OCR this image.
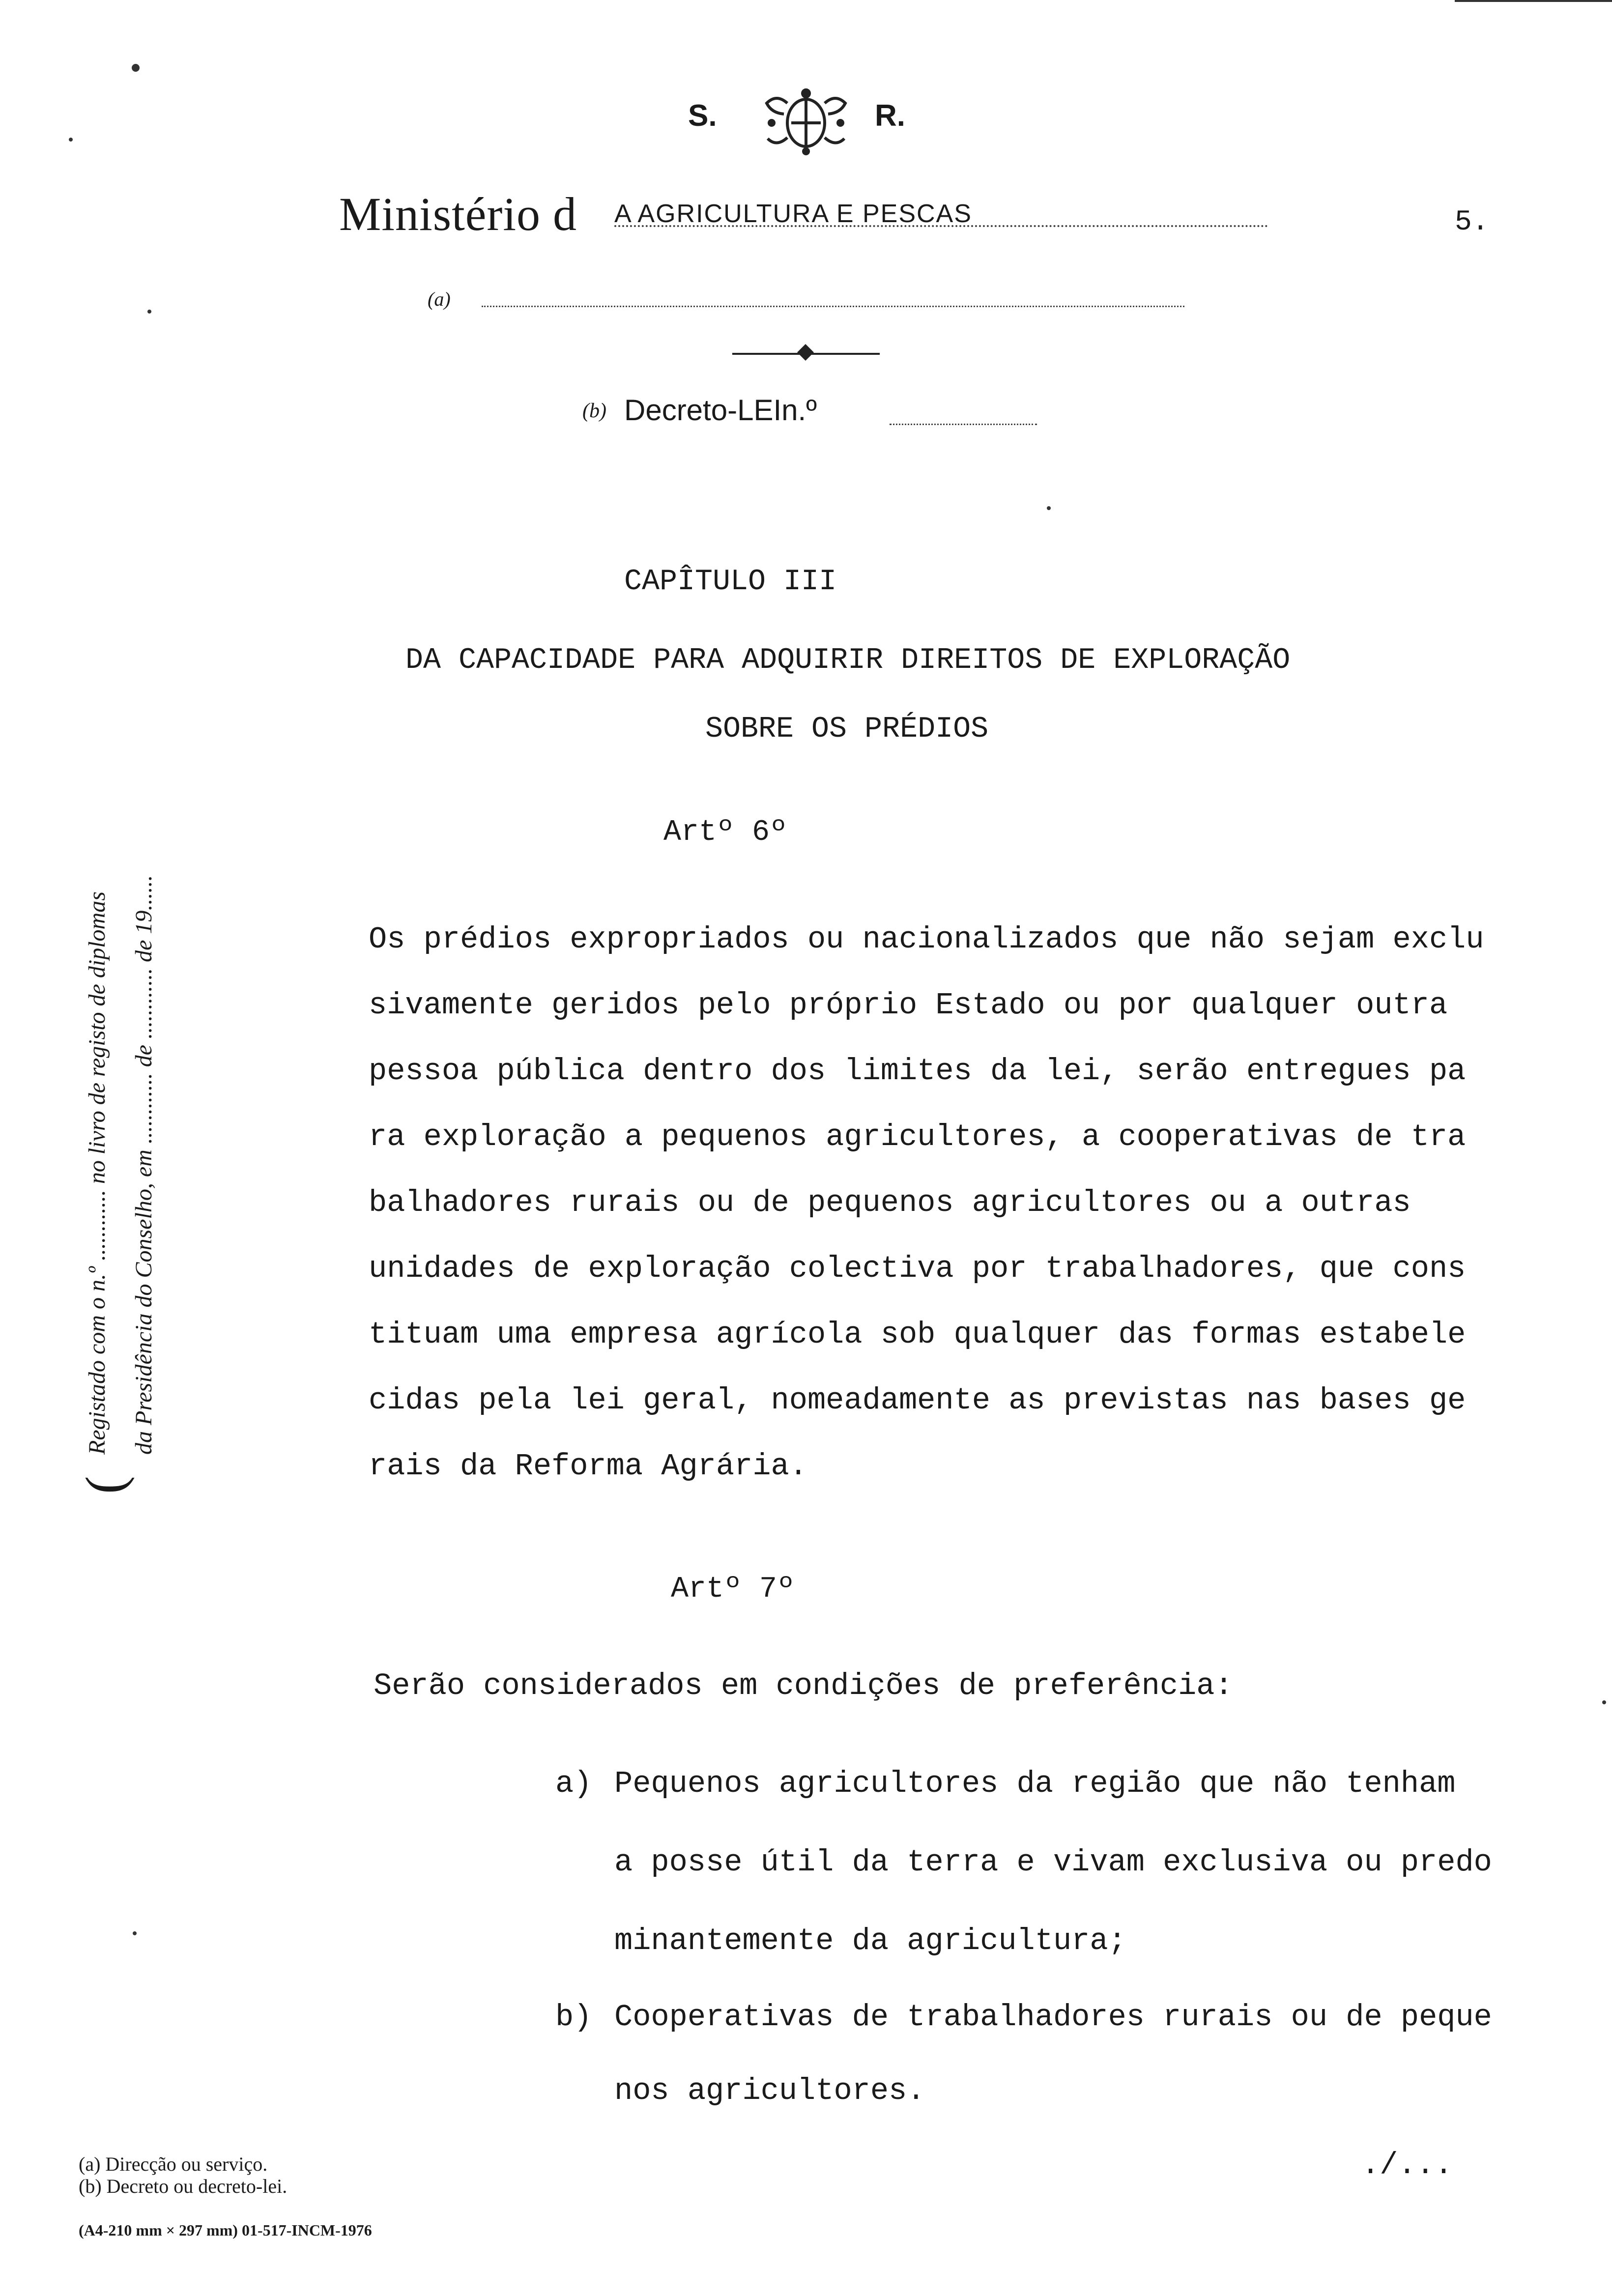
S.	R.
Ministério d A AGRICULTURA E PESCAS	5.
(a)
(b) Decreto-LEIn.º
(
Registado com o n.º ............ no livro de registo de diplomas da Presidência do Conselho, em ............ de ............ de 19......
CAPÎTULO III
DA CAPACIDADE PARA ADQUIRIR DIREITOS DE EXPLORAÇÃO
SOBRE OS PRÉDIOS
Artº 6º
Os prédios expropriados ou nacionalizados que não sejam exclu
sivamente geridos pelo próprio Estado ou por qualquer outra
pessoa pública dentro dos limites da lei, serão entregues pa
ra exploração a pequenos agricultores, a cooperativas de tra
balhadores rurais ou de pequenos agricultores ou a outras
unidades de exploração colectiva por trabalhadores, que cons
tituam uma empresa agrícola sob qualquer das formas estabele
cidas pela lei geral, nomeadamente as previstas nas bases ge
rais da Reforma Agrária.
Artº 7º
Serão considerados em condições de preferência:
a) Pequenos agricultores da região que não tenham
a posse útil da terra e vivam exclusiva ou predo
minantemente da agricultura;
b) Cooperativas de trabalhadores rurais ou de peque
nos agricultores.
./...
(a) Direcção ou serviço.
(b) Decreto ou decreto-lei.
(A4-210 mm × 297 mm) 01-517-INCM-1976
